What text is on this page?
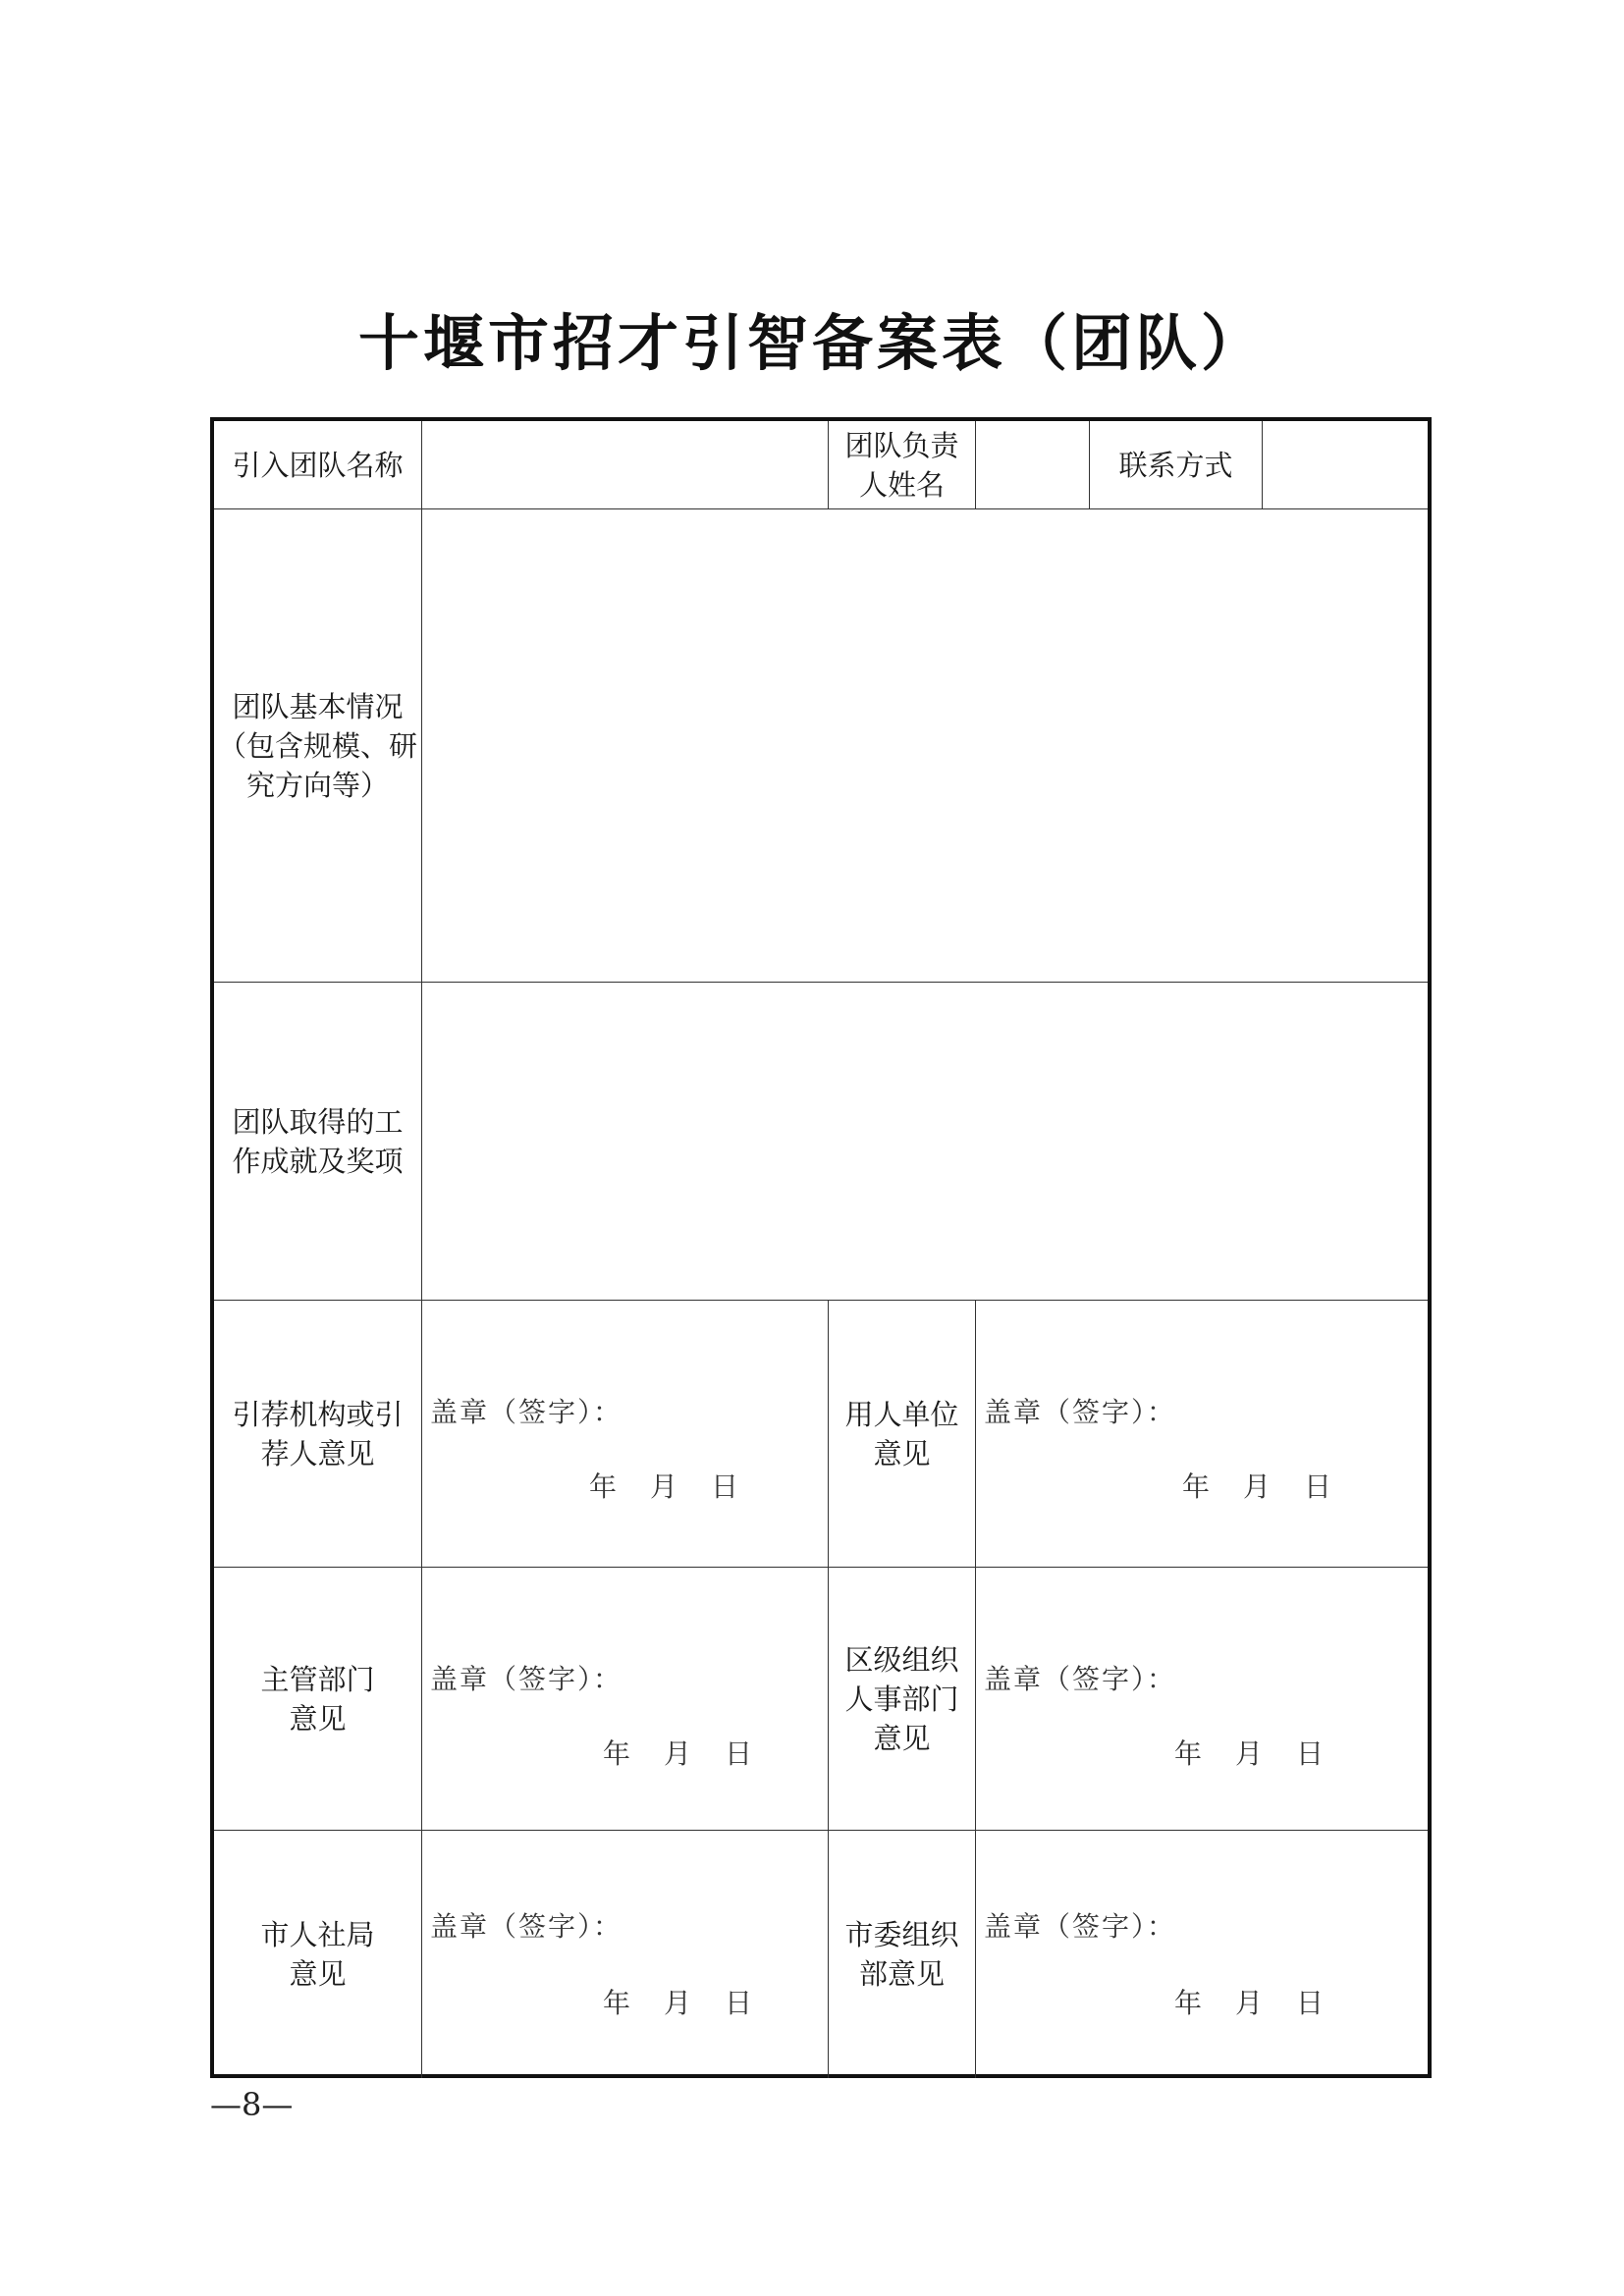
十堰市招才引智备案表（团队）
引入团队名称
团队负责
人姓名
联系方式
团队基本情况
（包含规模、研
究方向等）
团队取得的工
作成就及奖项
引荐机构或引
荐人意见
盖章（签字）：
年 月 日
用人单位
意见
盖章（签字）：
年 月 日
主管部门
意见
盖章（签字）：
年 月 日
区级组织
人事部门
意见
盖章（签字）：
年 月 日
市人社局
意见
盖章（签字）：
年 月 日
市委组织
部意见
盖章（签字）：
年 月 日
—8—
